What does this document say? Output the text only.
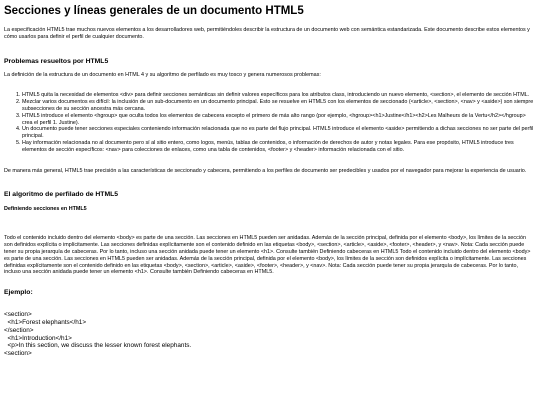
Secciones y líneas generales de un documento HTML5

La especificación HTML5 trae muchos nuevos elementos a los desarrolladores web, permitiéndoles describir la estructura de un documento web con semántica estandarizada. Este documento describe estos elementos y cómo usarlos para definir el perfil de cualquier documento.

Problemas resueltos por HTML5

La definición de la estructura de un documento en HTML 4 y su algoritmo de perfilado es muy tosco y genera numerosos problemas:

1. HTML5 quita la necesidad de elementos <div> para definir secciones semánticas sin definir valores específicos para los atributos class, introduciendo un nuevo elemento, <section>, el elemento de sección HTML.
2. Mezclar varios documentos es difícil: la inclusión de un sub-documento en un documento principal. Esto se resuelve en HTML5 con los elementos de seccionado (<article>, <section>, <nav> y <aside>) son siempre subsecciones de su sección ancestra más cercana.
3. HTML5 introduce el elemento <hgroup> que oculta todos los elementos de cabecera excepto el primero de más alto rango (por ejemplo, <hgroup><h1>Justine</h1><h2>Les Malheurs de la Vertu</h2></hgroup> crea el perfil 1. Justine).
4. Un documento puede tener secciones especiales conteniendo información relacionada que no es parte del flujo principal. HTML5 introduce el elemento <aside> permitiendo a dichas secciones no ser parte del perfil principal.
5. Hay información relacionada no al documento pero sí al sitio entero, como logos, menús, tablas de contenidos, o información de derechos de autor y notas legales. Para ese propósito, HTML5 introduce tres elementos de sección específicos: <nav> para colecciones de enlaces, como una tabla de contenidos, <footer> y <header> información relacionada con el sitio.

De manera más general, HTML5 trae precisión a las características de seccionado y cabecera, permitiendo a los perfiles de documento ser predecibles y usados por el navegador para mejorar la experiencia de usuario.

El algoritmo de perfilado de HTML5
Definiendo secciones en HTML5

Todo el contenido incluido dentro del elemento <body> es parte de una sección. Las secciones en HTML5 pueden ser anidadas. Además de la sección principal, definida por el elemento <body>, los límites de la sección son definidos explícita o implícitamente. Las secciones definidas explícitamente son el contenido definido en las etiquetas <body>, <section>, <article>, <aside>, <footer>, <header>, y <nav>. Nota: Cada sección puede tener su propia jerarquía de cabeceras. Por lo tanto, incluso una sección anidada puede tener un elemento <h1>. Consulte también Definiendo cabeceras en HTML5 Todo el contenido incluido dentro del elemento <body> es parte de una sección. Las secciones en HTML5 pueden ser anidadas. Además de la sección principal, definida por el elemento <body>, los límites de la sección son definidos explícita o implícitamente. Las secciones definidas explícitamente son el contenido definido en las etiquetas <body>, <section>, <article>, <aside>, <footer>, <header>, y <nav>. Nota: Cada sección puede tener su propia jerarquía de cabeceras. Por lo tanto, incluso una sección anidada puede tener un elemento <h1>. Consulte también Definiendo cabeceras en HTML5.

Ejemplo:
<section>
<h1>Forest elephants</h1>
</section>
<h1>Introduction</h1>
<p>In this section, we discuss the lesser known forest elephants.
<section>
